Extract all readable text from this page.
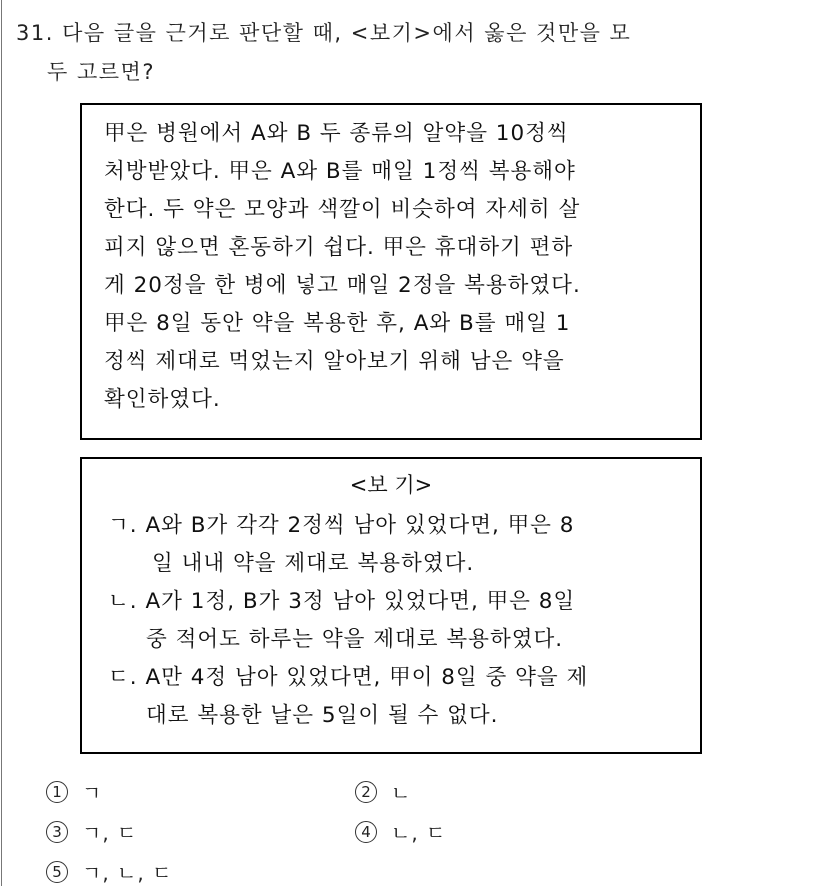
31. 다음 글을 근거로 판단할 때, <보기>에서 옳은 것만을 모
두 고르면?
甲은 병원에서 A와 B 두 종류의 알약을 10정씩
처방받았다. 甲은 A와 B를 매일 1정씩 복용해야
한다. 두 약은 모양과 색깔이 비슷하여 자세히 살
피지 않으면 혼동하기 쉽다. 甲은 휴대하기 편하
게 20정을 한 병에 넣고 매일 2정을 복용하였다.
甲은 8일 동안 약을 복용한 후, A와 B를 매일 1
정씩 제대로 먹었는지 알아보기 위해 남은 약을
확인하였다.
<보 기>
ㄱ. A와 B가 각각 2정씩 남아 있었다면, 甲은 8
일 내내 약을 제대로 복용하였다.
ㄴ. A가 1정, B가 3정 남아 있었다면, 甲은 8일
중 적어도 하루는 약을 제대로 복용하였다.
ㄷ. A만 4정 남아 있었다면, 甲이 8일 중 약을 제
대로 복용한 날은 5일이 될 수 없다.
1	ㄱ	2	ㄴ
3	ㄱ, ㄷ	4	ㄴ, ㄷ
5	ㄱ, ㄴ, ㄷ
